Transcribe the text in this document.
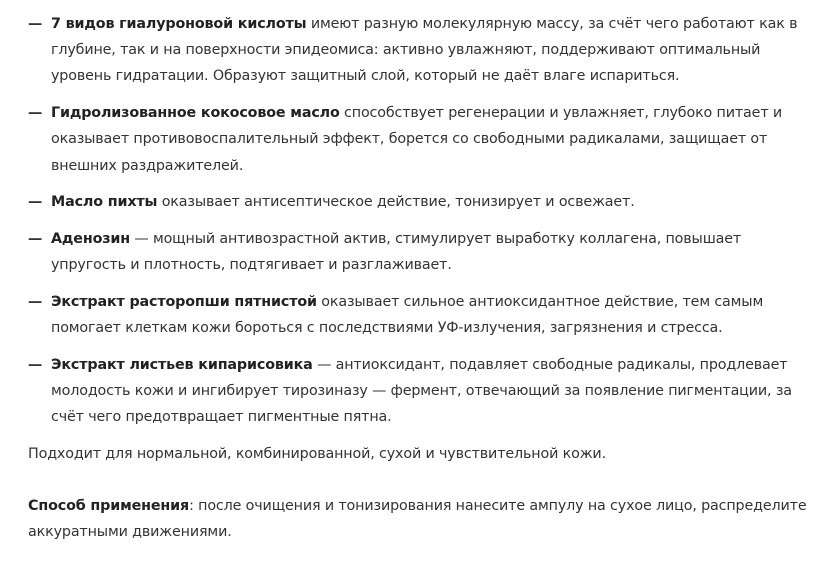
— 7 видов гиалуроновой кислоты имеют разную молекулярную массу, за счёт чего работают как в глубине, так и на поверхности эпидеомиса: активно увлажняют, поддерживают оптимальный уровень гидратации. Образуют защитный слой, который не даёт влаге испариться.
— Гидролизованное кокосовое масло способствует регенерации и увлажняет, глубоко питает и оказывает противовоспалительный эффект, борется со свободными радикалами, защищает от внешних раздражителей.
— Масло пихты оказывает антисептическое действие, тонизирует и освежает.
— Аденозин — мощный антивозрастной актив, стимулирует выработку коллагена, повышает упругость и плотность, подтягивает и разглаживает.
— Экстракт расторопши пятнистой оказывает сильное антиоксидантное действие, тем самым помогает клеткам кожи бороться с последствиями УФ-излучения, загрязнения и стресса.
— Экстракт листьев кипарисовика — антиоксидант, подавляет свободные радикалы, продлевает молодость кожи и ингибирует тирозиназу — фермент, отвечающий за появление пигментации, за счёт чего предотвращает пигментные пятна.

Подходит для нормальной, комбинированной, сухой и чувствительной кожи.

Способ применения: после очищения и тонизирования нанесите ампулу на сухое лицо, распределите аккуратными движениями.
